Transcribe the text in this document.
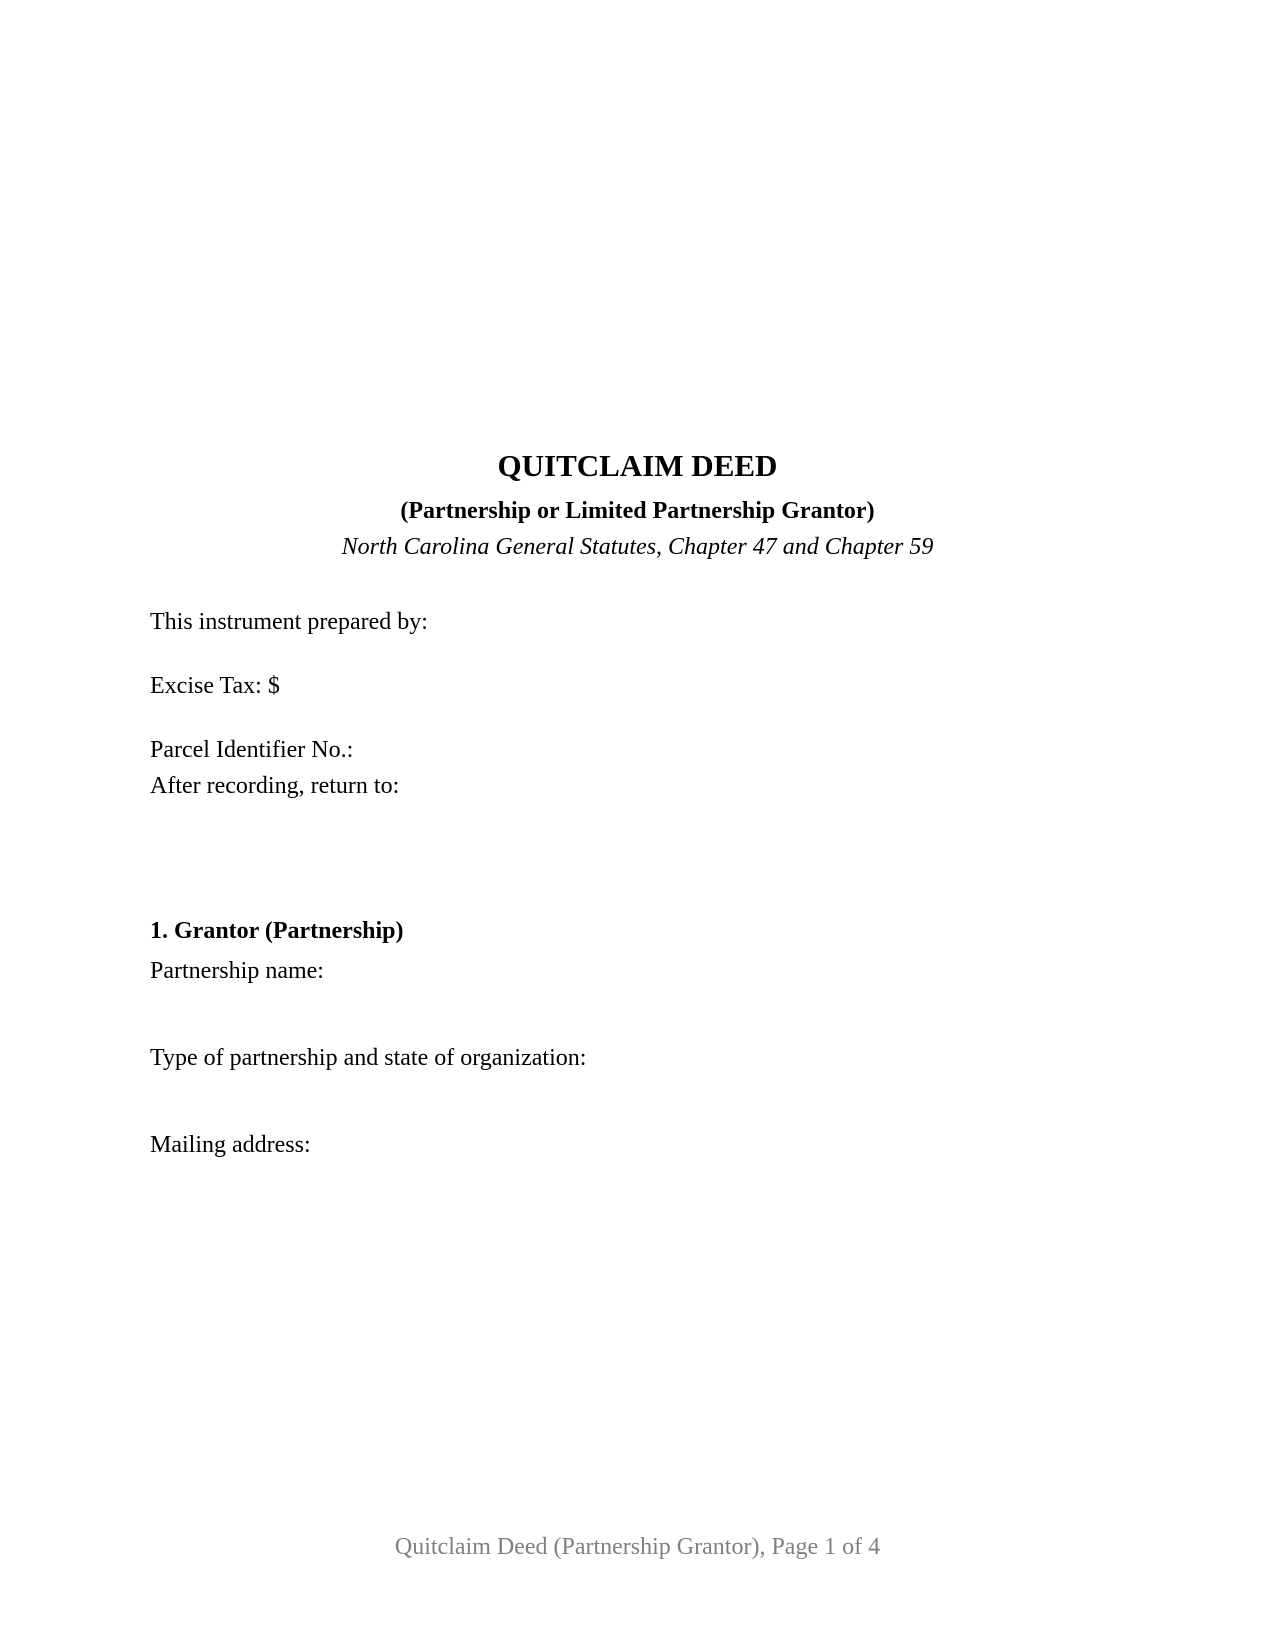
QUITCLAIM DEED
(Partnership or Limited Partnership Grantor)
North Carolina General Statutes, Chapter 47 and Chapter 59
This instrument prepared by:
Excise Tax: $
Parcel Identifier No.:
After recording, return to:
1. Grantor (Partnership)
Partnership name:
Type of partnership and state of organization:
Mailing address:
Quitclaim Deed (Partnership Grantor), Page 1 of 4
